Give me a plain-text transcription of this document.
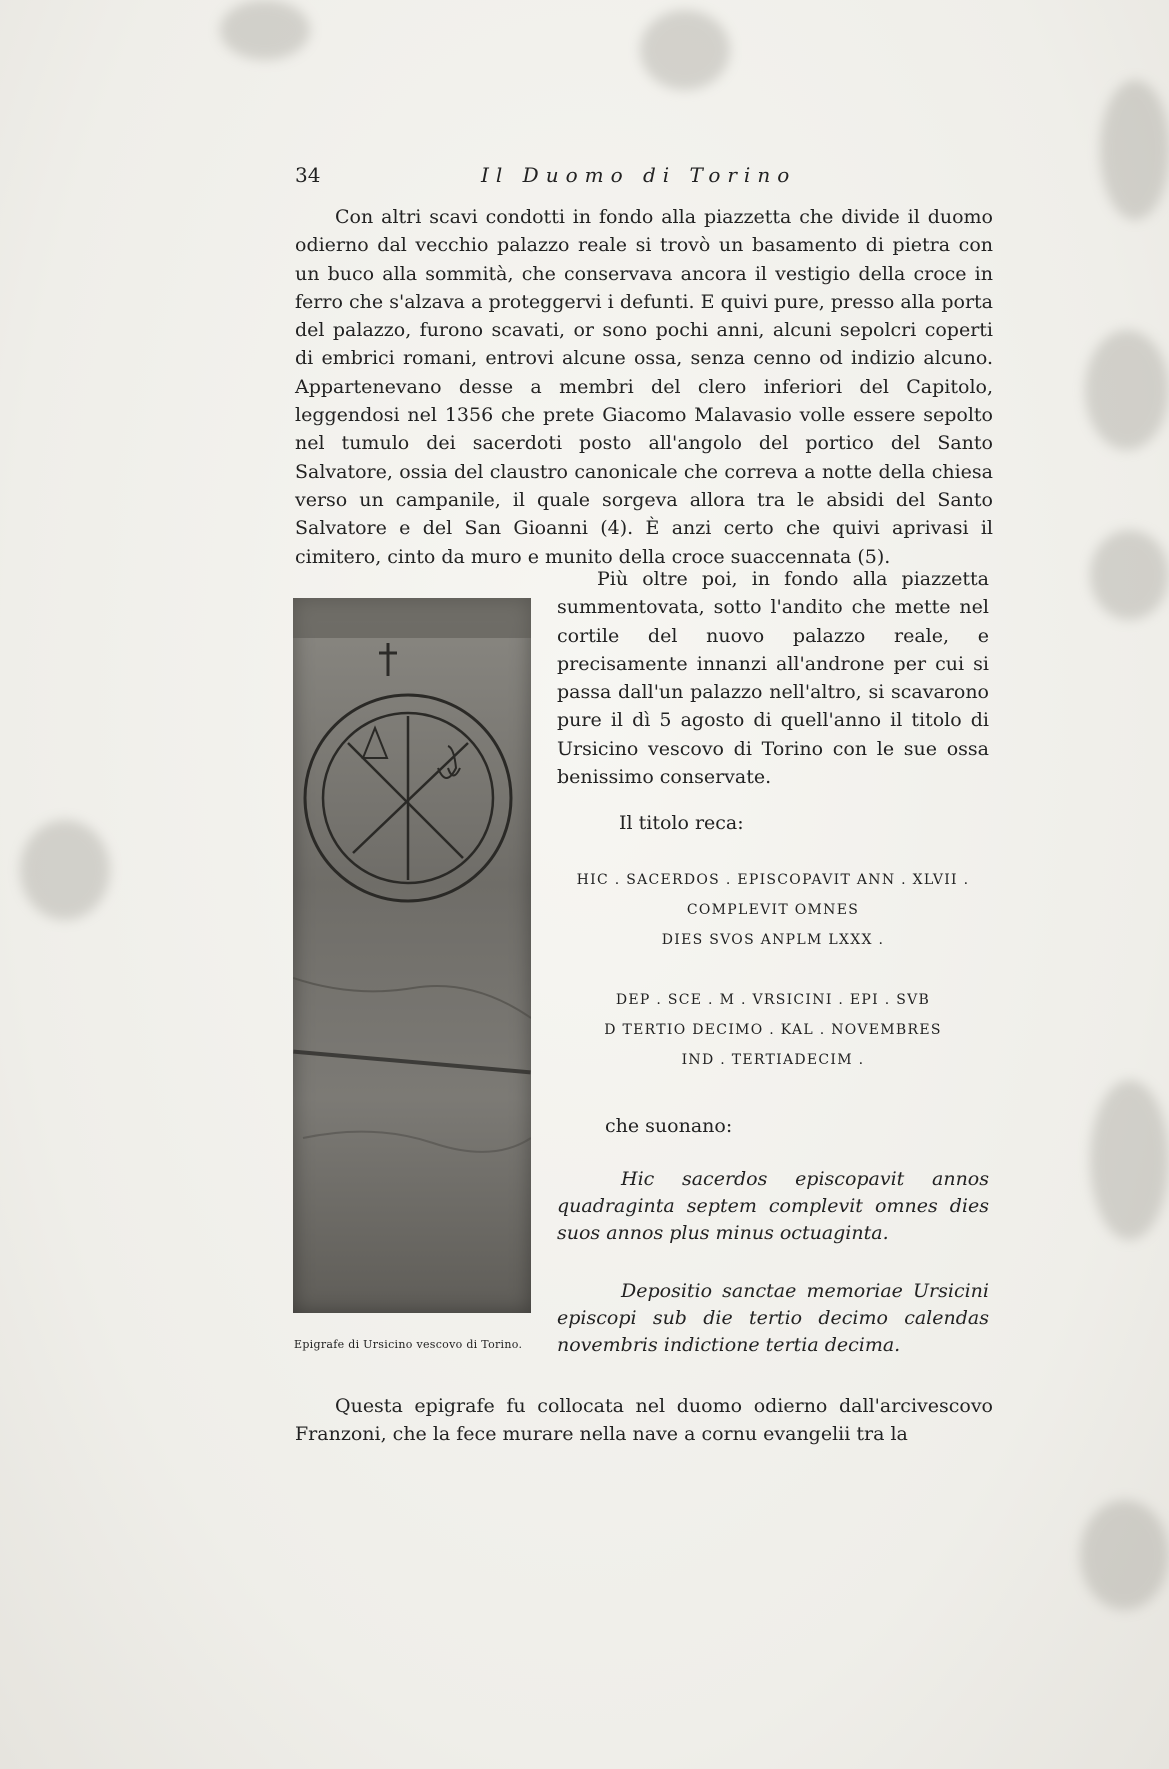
34	Il Duomo di Torino

Con altri scavi condotti in fondo alla piazzetta che divide il duomo odierno dal vecchio palazzo reale si trovò un basamento di pietra con un buco alla sommità, che conservava ancora il vestigio della croce in ferro che s'alzava a proteggervi i defunti. E quivi pure, presso alla porta del palazzo, furono scavati, or sono pochi anni, alcuni sepolcri coperti di embrici romani, entrovi alcune ossa, senza cenno od indizio alcuno. Appartenevano desse a membri del clero inferiori del Capitolo, leggendosi nel 1356 che prete Giacomo Malavasio volle essere sepolto nel tumulo dei sacerdoti posto all'angolo del portico del Santo Salvatore, ossia del claustro canonicale che correva a notte della chiesa verso un campanile, il quale sorgeva allora tra le absidi del Santo Salvatore e del San Gioanni (4). È anzi certo che quivi aprivasi il cimitero, cinto da muro e munito della croce suaccennata (5).

Epigrafe di Ursicino vescovo di Torino.

Più oltre poi, in fondo alla piazzetta summentovata, sotto l'andito che mette nel cortile del nuovo palazzo reale, e precisamente innanzi all'androne per cui si passa dall'un palazzo nell'altro, si scavarono pure il dì 5 agosto di quell'anno il titolo di Ursicino vescovo di Torino con le sue ossa benissimo conservate.

Il titolo reca:
HIC . SACERDOS . EPISCOPAVIT ANN . XLVII .
COMPLEVIT OMNES
DIES SVOS ANPLM LXXX .
DEP . SCE . M . VRSICINI . EPI . SVB
D TERTIO DECIMO . KAL . NOVEMBRES
IND . TERTIADECIM .
che suonano:
Hic sacerdos episcopavit annos quadraginta septem complevit omnes dies suos annos plus minus octuaginta.
Depositio sanctae memoriae Ursicini episcopi sub die tertio decimo calendas novembris indictione tertia decima.

Questa epigrafe fu collocata nel duomo odierno dall'arcivescovo Franzoni, che la fece murare nella nave a cornu evangelii tra la
